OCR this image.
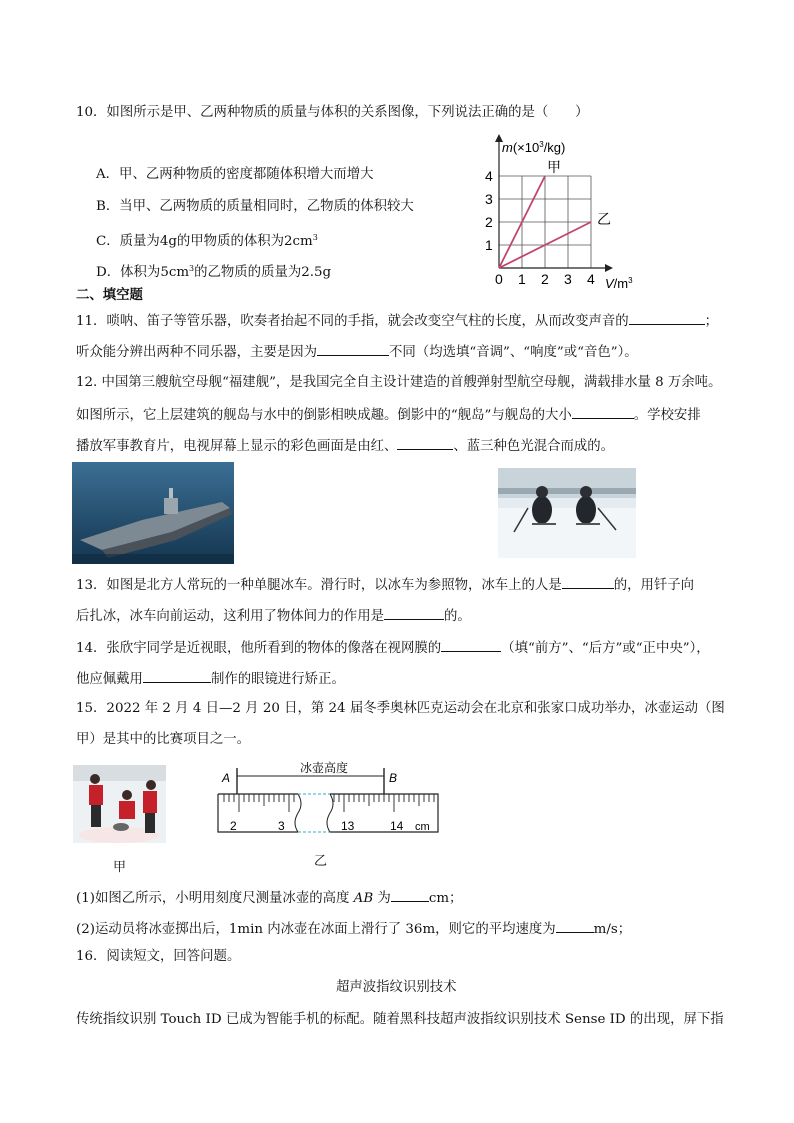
10．如图所示是甲、乙两种物质的质量与体积的关系图像，下列说法正确的是（　　）
A．甲、乙两种物质的密度都随体积增大而增大
B．当甲、乙两物质的质量相同时，乙物质的体积较大
C．质量为4g的甲物质的体积为$2cm^3$
D．体积为$5cm^3$的乙物质的质量为2.5g	0 1 2 3 4
1
2
3
4
甲
乙
$m(\times 10^3/kg)$
$V/m^3$
二、填空题
11．唢呐、笛子等管乐器，吹奏者抬起不同的手指，就会改变空气柱的长度，从而改变声音的	；
听众能分辨出两种不同乐器，主要是因为	不同（均选填“音调”、“响度”或“音色”）。
12. 中国第三艘航空母舰“福建舰”，是我国完全自主设计建造的首艘弹射型航空母舰，满载排水量 8 万余吨。
如图所示，它上层建筑的舰岛与水中的倒影相映成趣。倒影中的“舰岛”与舰岛的大小	。学校安排
播放军事教育片，电视屏幕上显示的彩色画面是由红、	、蓝三种色光混合而成的。
13．如图是北方人常玩的一种单腿冰车。滑行时，以冰车为参照物，冰车上的人是	的，用钎子向
后扎冰，冰车向前运动，这利用了物体间力的作用是	的。
14．张欣宇同学是近视眼，他所看到的物体的像落在视网膜的	（填“前方”、“后方”或“正中央”），
他应佩戴用	制作的眼镜进行矫正。
15．2022 年 2 月 4 日—2 月 20 日，第 24 届冬季奥林匹克运动会在北京和张家口成功举办，冰壶运动（图
甲）是其中的比赛项目之一。
甲
冰壶高度
A	B
2	3	13	14 cm
乙
(1)如图乙所示，小明用刻度尺测量冰壶的高度 AB 为	cm；
(2)运动员将冰壶掷出后，1min 内冰壶在冰面上滑行了 36m，则它的平均速度为	m/s；
16．阅读短文，回答问题。
超声波指纹识别技术
传统指纹识别 Touch ID 已成为智能手机的标配。随着黑科技超声波指纹识别技术 Sense ID 的出现，屏下指
